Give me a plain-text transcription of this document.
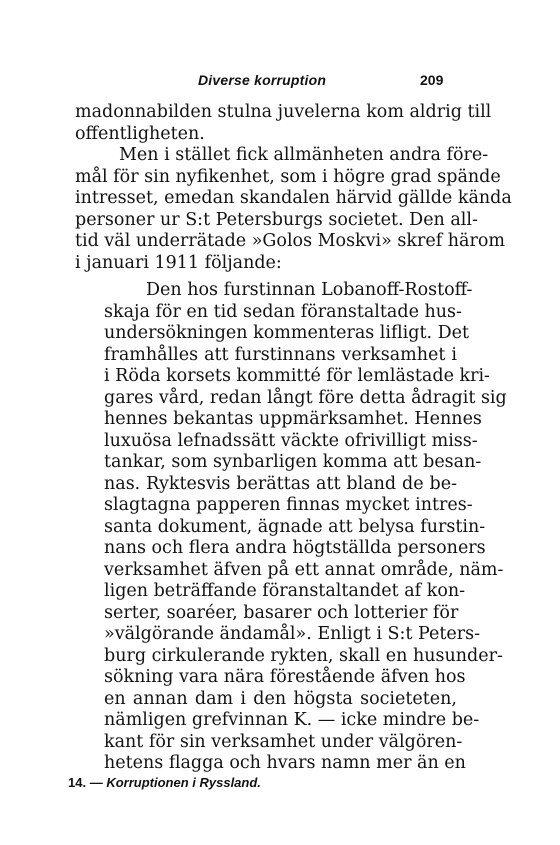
Diverse korruption	209
madonnabilden stulna juvelerna kom aldrig till
offentligheten.
Men i stället fick allmänheten andra före-
mål för sin nyfikenhet, som i högre grad spände
intresset, emedan skandalen härvid gällde kända
personer ur S:t Petersburgs societet. Den all-
tid väl underrätade »Golos Moskvi» skref härom
i januari 1911 följande:
Den hos furstinnan Lobanoff-Rostoff-
skaja för en tid sedan föranstaltade hus-
undersökningen kommenteras lifligt. Det
framhålles att furstinnans verksamhet i
i Röda korsets kommitté för lemlästade kri-
gares vård, redan långt före detta ådragit sig
hennes bekantas uppmärksamhet. Hennes
luxuösa lefnadssätt väckte ofrivilligt miss-
tankar, som synbarligen komma att besan-
nas. Ryktesvis berättas att bland de be-
slagtagna papperen finnas mycket intres-
santa dokument, ägnade att belysa furstin-
nans och flera andra högtställda personers
verksamhet äfven på ett annat område, näm-
ligen beträffande föranstaltandet af kon-
serter, soaréer, basarer och lotterier för
»välgörande ändamål». Enligt i S:t Peters-
burg cirkulerande rykten, skall en husunder-
sökning vara nära förestående äfven hos
en annan dam i den högsta societeten,
nämligen grefvinnan K. — icke mindre be-
kant för sin verksamhet under välgören-
hetens flagga och hvars namn mer än en
14. — Korruptionen i Ryssland.
